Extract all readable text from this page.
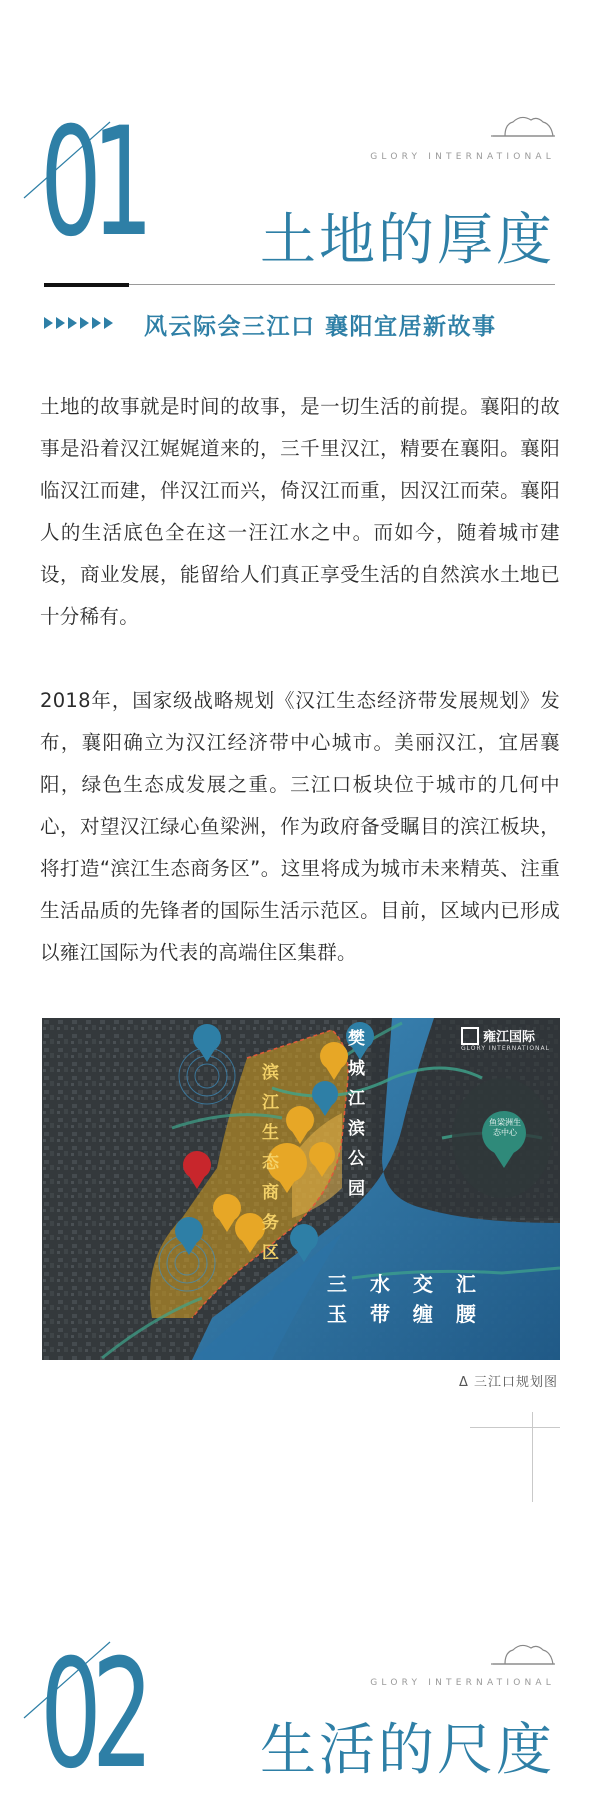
01	GLORY INTERNATIONAL
土地的厚度
风云际会三江口 襄阳宜居新故事
土地的故事就是时间的故事，是一切生活的前提。襄阳的故事是沿着汉江娓娓道来的，三千里汉江，精要在襄阳。襄阳临汉江而建，伴汉江而兴，倚汉江而重，因汉江而荣。襄阳人的生活底色全在这一汪江水之中。而如今，随着城市建设，商业发展，能留给人们真正享受生活的自然滨水土地已十分稀有。
2018年，国家级战略规划《汉江生态经济带发展规划》发布，襄阳确立为汉江经济带中心城市。美丽汉江，宜居襄阳，绿色生态成发展之重。三江口板块位于城市的几何中心，对望汉江绿心鱼梁洲，作为政府备受瞩目的滨江板块，将打造“滨江生态商务区”。这里将成为城市未来精英、注重生活品质的先锋者的国际生活示范区。目前，区域内已形成以雍江国际为代表的高端住区集群。
滨
江
生
态
商
务
区
樊
城
江
滨
公
园
雍江国际
GLORY INTERNATIONAL
鱼梁洲生态中心
三 水 交 汇
玉 带 缠 腰
Δ 三江口规划图
02	GLORY INTERNATIONAL
生活的尺度
